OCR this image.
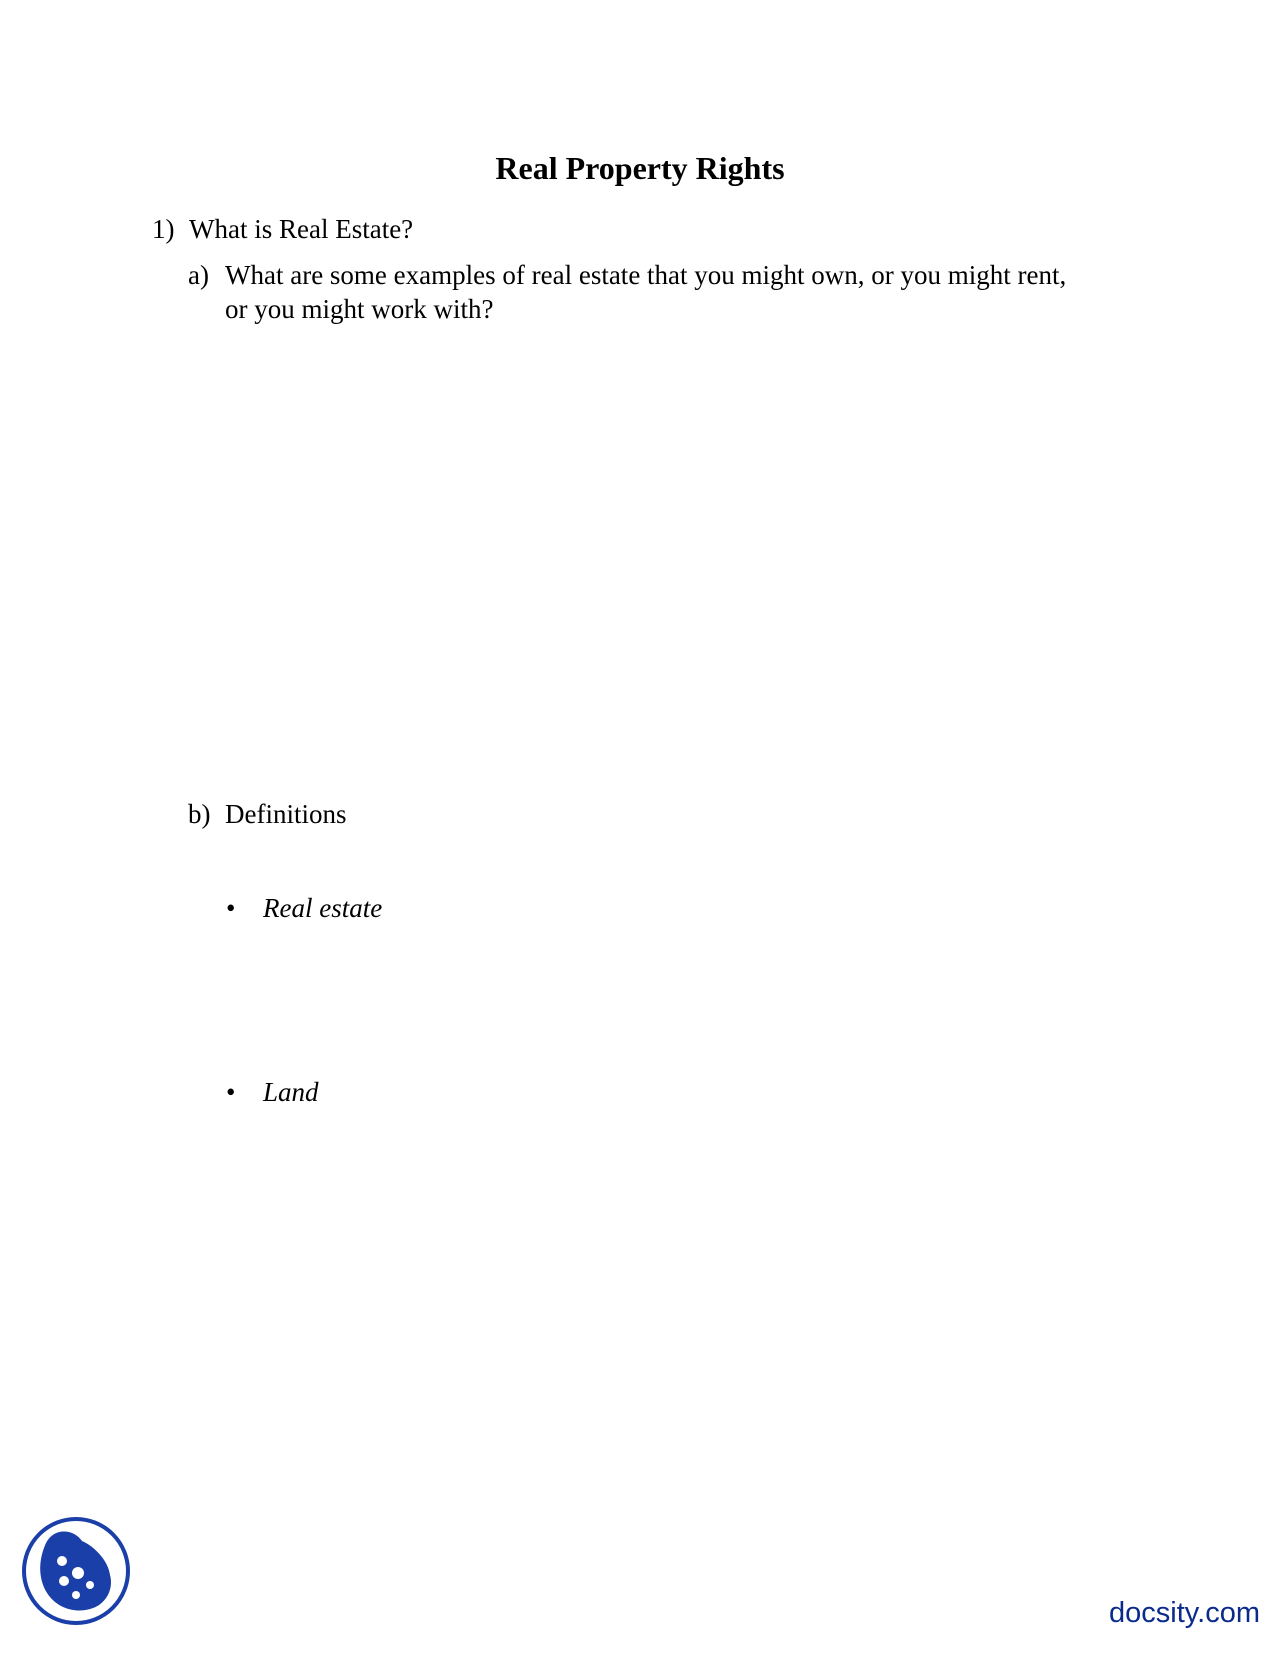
Real Property Rights
1) What is Real Estate?
a) What are some examples of real estate that you might own, or you might rent, or you might work with?
b) Definitions
• Real estate
• Land
docsity.com
